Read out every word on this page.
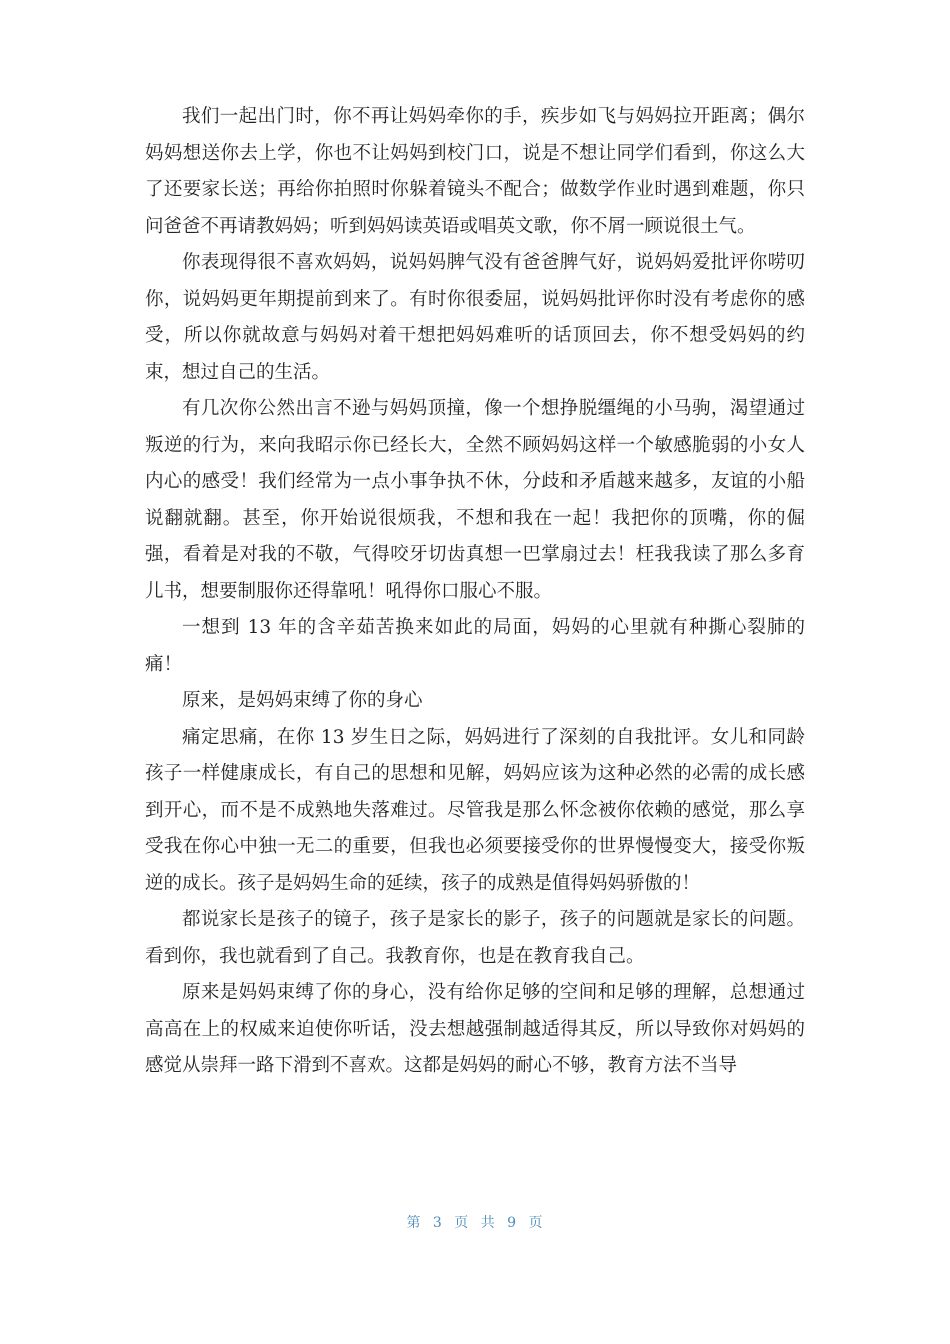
我们一起出门时，你不再让妈妈牵你的手，疾步如飞与妈妈拉开距离；偶尔妈妈想送你去上学，你也不让妈妈到校门口，说是不想让同学们看到，你这么大了还要家长送；再给你拍照时你躲着镜头不配合；做数学作业时遇到难题，你只问爸爸不再请教妈妈；听到妈妈读英语或唱英文歌，你不屑一顾说很土气。

你表现得很不喜欢妈妈，说妈妈脾气没有爸爸脾气好，说妈妈爱批评你唠叨你，说妈妈更年期提前到来了。有时你很委屈，说妈妈批评你时没有考虑你的感受，所以你就故意与妈妈对着干想把妈妈难听的话顶回去，你不想受妈妈的约束，想过自己的生活。

有几次你公然出言不逊与妈妈顶撞，像一个想挣脱缰绳的小马驹，渴望通过叛逆的行为，来向我昭示你已经长大，全然不顾妈妈这样一个敏感脆弱的小女人内心的感受！我们经常为一点小事争执不休，分歧和矛盾越来越多，友谊的小船说翻就翻。甚至，你开始说很烦我，不想和我在一起！我把你的顶嘴，你的倔强，看着是对我的不敬，气得咬牙切齿真想一巴掌扇过去！枉我我读了那么多育儿书，想要制服你还得靠吼！吼得你口服心不服。

一想到 13 年的含辛茹苦换来如此的局面，妈妈的心里就有种撕心裂肺的痛！

原来，是妈妈束缚了你的身心

痛定思痛，在你 13 岁生日之际，妈妈进行了深刻的自我批评。女儿和同龄孩子一样健康成长，有自己的思想和见解，妈妈应该为这种必然的必需的成长感到开心，而不是不成熟地失落难过。尽管我是那么怀念被你依赖的感觉，那么享受我在你心中独一无二的重要，但我也必须要接受你的世界慢慢变大，接受你叛逆的成长。孩子是妈妈生命的延续，孩子的成熟是值得妈妈骄傲的！

都说家长是孩子的镜子，孩子是家长的影子，孩子的问题就是家长的问题。看到你，我也就看到了自己。我教育你，也是在教育我自己。

原来是妈妈束缚了你的身心，没有给你足够的空间和足够的理解，总想通过高高在上的权威来迫使你听话，没去想越强制越适得其反，所以导致你对妈妈的感觉从崇拜一路下滑到不喜欢。这都是妈妈的耐心不够，教育方法不当导

第 3 页 共 9 页
